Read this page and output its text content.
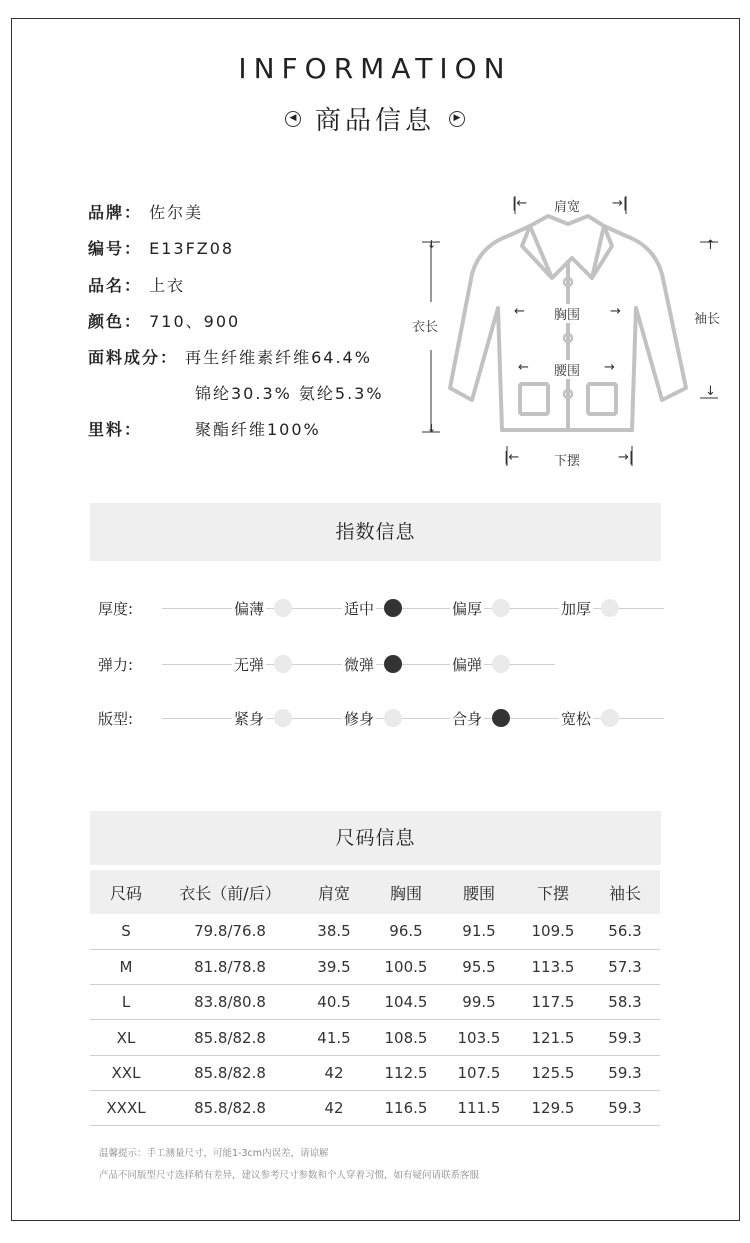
INFORMATION
◀ 商品信息	▶
品牌： 佐尔美
编号： E13FZ08
品名： 上衣
颜色： 710、900
面料成分： 再生纤维素纤维64.4%
锦纶30.3% 氨纶5.3%
里料：	聚酯纤维100%
↓
↓
|← 肩宽 →|
衣长
← 胸围 →
← 腰围 →
袖长
↑
↓
|←	下摆	→|
指数信息
厚度:	偏薄	适中	偏厚	加厚
弹力:	无弹	微弹	偏弹
版型:	紧身	修身	合身	宽松
尺码信息
尺码	衣长（前/后）	肩宽	胸围	腰围	下摆	袖长
S	79.8/76.8	38.5	96.5	91.5	109.5	56.3
M	81.8/78.8	39.5	100.5	95.5	113.5	57.3
L	83.8/80.8	40.5	104.5	99.5	117.5	58.3
XL	85.8/82.8	41.5	108.5	103.5	121.5	59.3
XXL	85.8/82.8	42	112.5	107.5	125.5	59.3
XXXL	85.8/82.8	42	116.5	111.5	129.5	59.3
温馨提示：手工测量尺寸，可能1-3cm内误差，请谅解
产品不同版型尺寸选择稍有差异，建议参考尺寸参数和个人穿着习惯，如有疑问请联系客服
